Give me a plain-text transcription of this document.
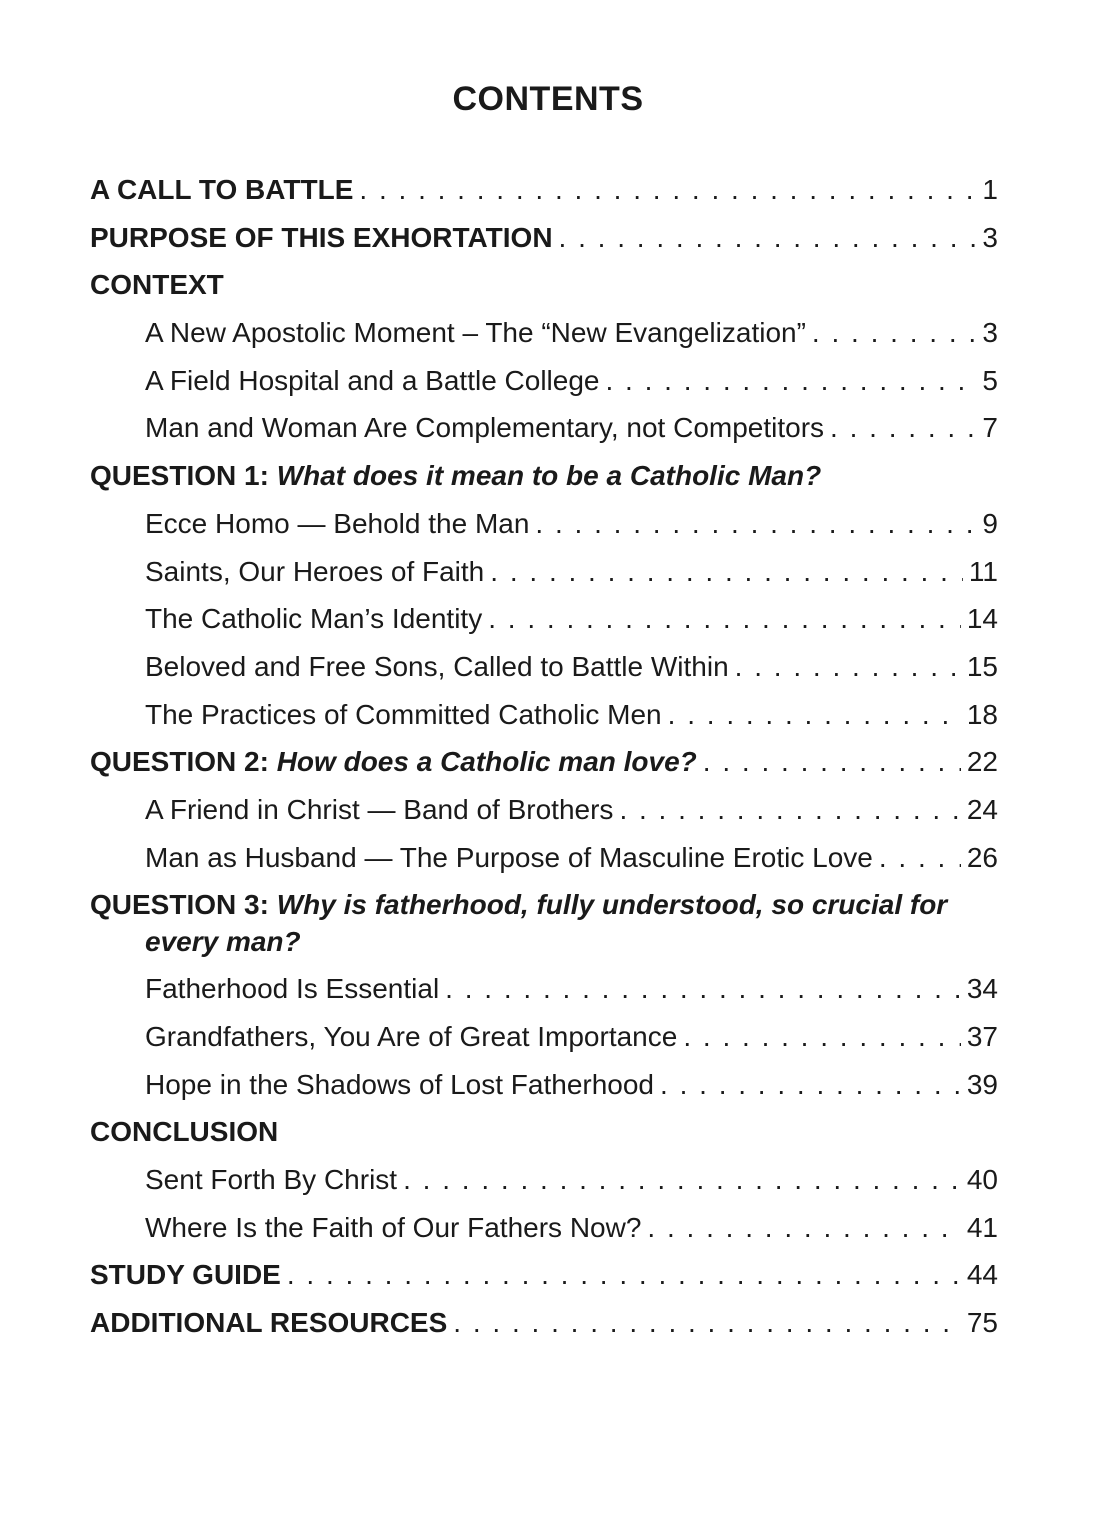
CONTENTS
A CALL TO BATTLE . . .	1
PURPOSE OF THIS EXHORTATION . . .	3
CONTEXT
A New Apostolic Moment – The “New Evangelization” . . .	3
A Field Hospital and a Battle College . . .	5
Man and Woman Are Complementary, not Competitors . . .	7
QUESTION 1: What does it mean to be a Catholic Man?
Ecce Homo — Behold the Man . . .	9
Saints, Our Heroes of Faith . . .	11
The Catholic Man’s Identity . . .	14
Beloved and Free Sons, Called to Battle Within . . .	15
The Practices of Committed Catholic Men . . .	18
QUESTION 2: How does a Catholic man love? . . .	22
A Friend in Christ — Band of Brothers . . .	24
Man as Husband — The Purpose of Masculine Erotic Love . . .	26
QUESTION 3: Why is fatherhood, fully understood, so crucial for
every man?
Fatherhood Is Essential . . .	34
Grandfathers, You Are of Great Importance . . .	37
Hope in the Shadows of Lost Fatherhood . . .	39
CONCLUSION
Sent Forth By Christ . . .	40
Where Is the Faith of Our Fathers Now? . . .	41
STUDY GUIDE . . .	44
ADDITIONAL RESOURCES . . .	75
